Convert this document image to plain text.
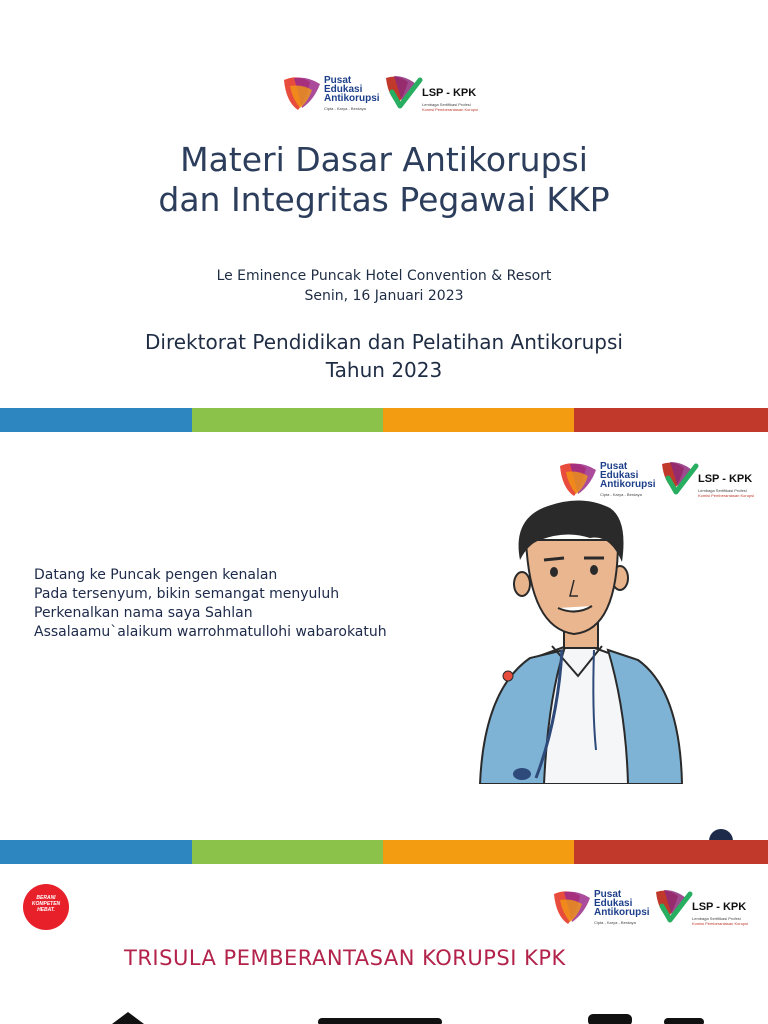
Pusat
Edukasi
Antikorupsi
Cipta - Karya - Berdaya
LSP - KPK
Lembaga Sertifikasi Profesi
Komisi Pemberantasan Korupsi
Materi Dasar Antikorupsi
dan Integritas Pegawai KKP
Le Eminence Puncak Hotel Convention & Resort
Senin, 16 Januari 2023
Direktorat Pendidikan dan Pelatihan Antikorupsi
Tahun 2023
Pusat
Edukasi
Antikorupsi
Cipta - Karya - Berdaya
LSP - KPK
Lembaga Sertifikasi Profesi
Komisi Pemberantasan Korupsi
Datang ke Puncak pengen kenalan
Pada tersenyum, bikin semangat menyuluh
Perkenalkan nama saya Sahlan
Assalaamu`alaikum warrohmatullohi wabarokatuh
BERANI KOMPETEN HEBAT.
Pusat
Edukasi
Antikorupsi
Cipta - Karya - Berdaya
LSP - KPK
Lembaga Sertifikasi Profesi
Komisi Pemberantasan Korupsi
TRISULA PEMBERANTASAN KORUPSI KPK
